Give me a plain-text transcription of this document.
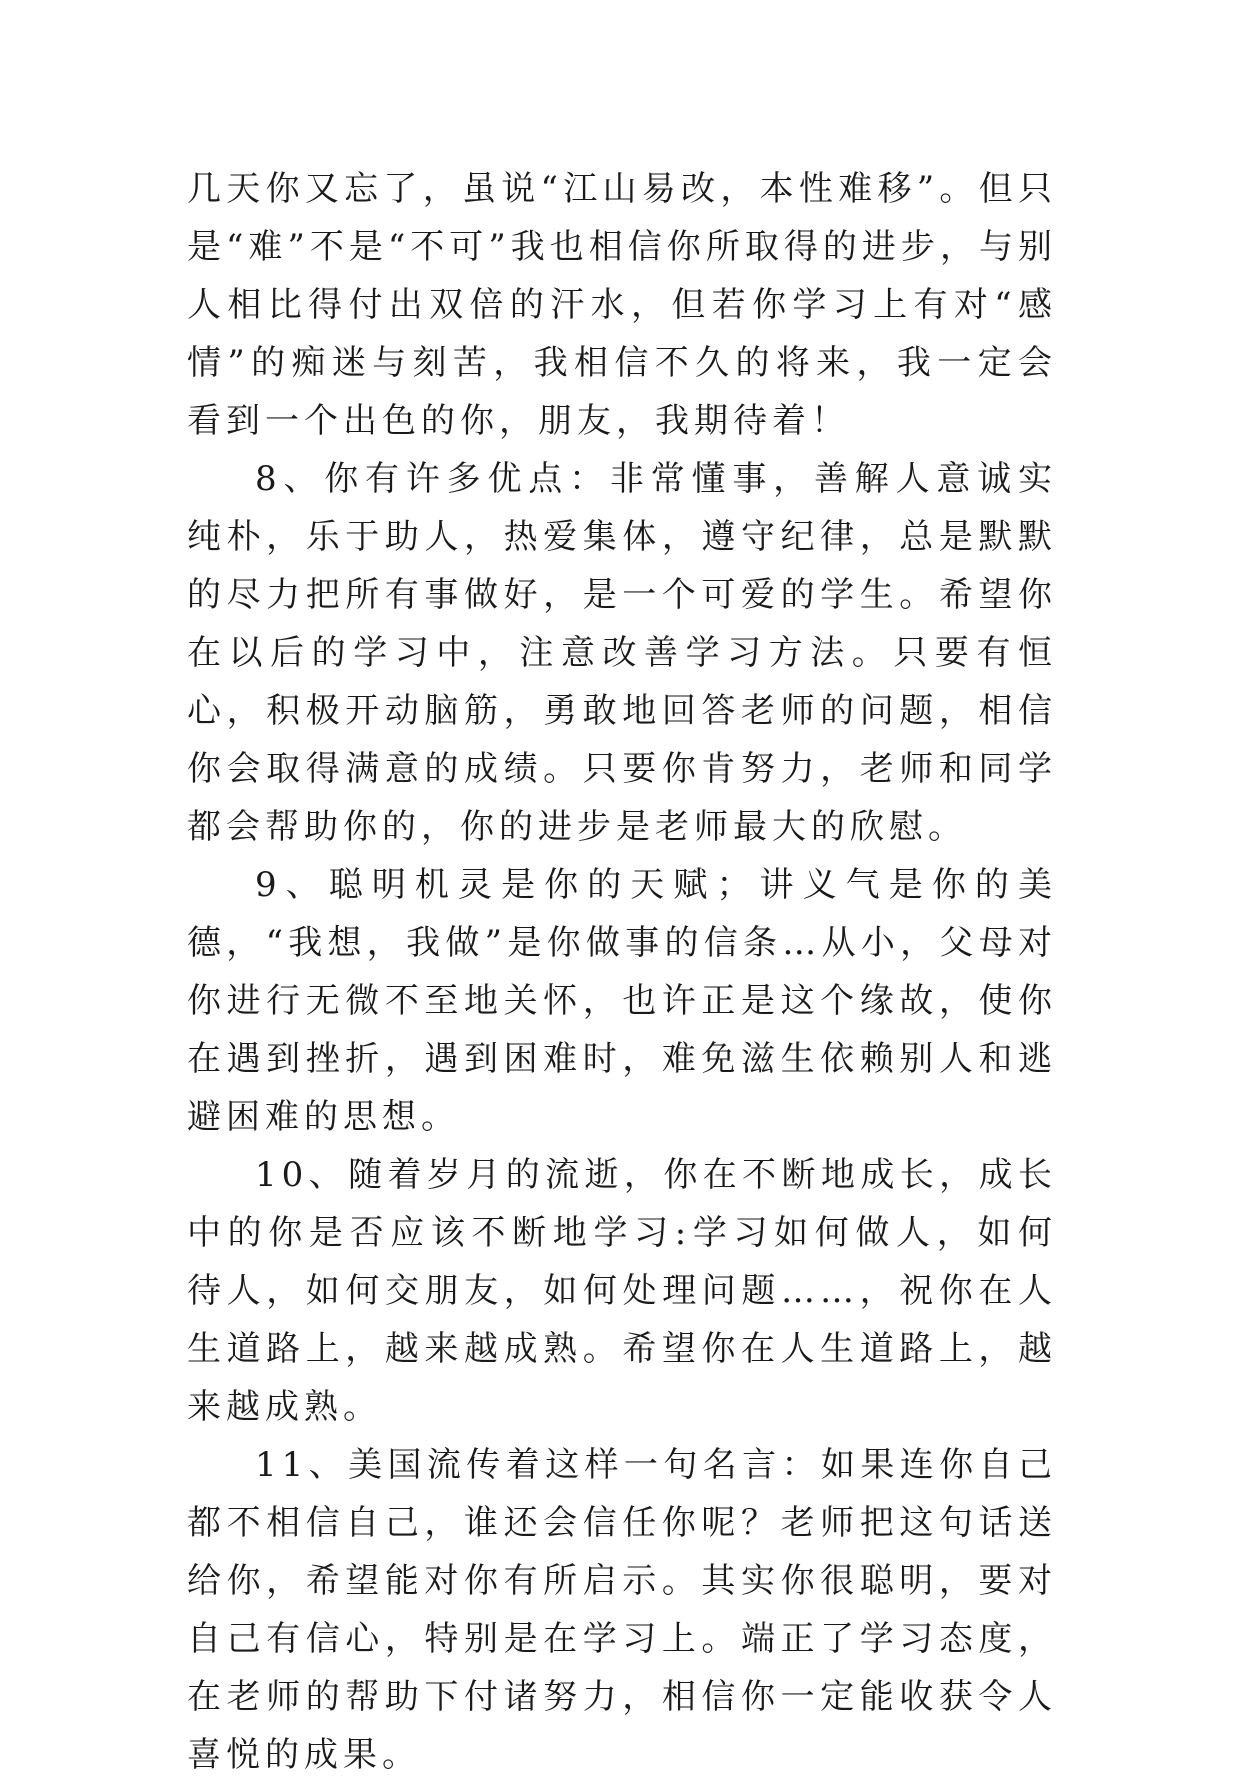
几天你又忘了，虽说“江山易改，本性难移”。但只是“难”不是“不可”我也相信你所取得的进步，与别人相比得付出双倍的汗水，但若你学习上有对“感情”的痴迷与刻苦，我相信不久的将来，我一定会看到一个出色的你，朋友，我期待着！

8、你有许多优点：非常懂事，善解人意诚实纯朴，乐于助人，热爱集体，遵守纪律，总是默默的尽力把所有事做好，是一个可爱的学生。希望你在以后的学习中，注意改善学习方法。只要有恒心，积极开动脑筋，勇敢地回答老师的问题，相信你会取得满意的成绩。只要你肯努力，老师和同学都会帮助你的，你的进步是老师最大的欣慰。

9、聪明机灵是你的天赋；讲义气是你的美德，“我想，我做”是你做事的信条…从小，父母对你进行无微不至地关怀，也许正是这个缘故，使你在遇到挫折，遇到困难时，难免滋生依赖别人和逃避困难的思想。

10、随着岁月的流逝，你在不断地成长，成长中的你是否应该不断地学习:学习如何做人，如何待人，如何交朋友，如何处理问题……，祝你在人生道路上，越来越成熟。希望你在人生道路上，越来越成熟。

11、美国流传着这样一句名言：如果连你自己都不相信自己，谁还会信任你呢？老师把这句话送给你，希望能对你有所启示。其实你很聪明，要对自己有信心，特别是在学习上。端正了学习态度，在老师的帮助下付诸努力，相信你一定能收获令人喜悦的成果。
